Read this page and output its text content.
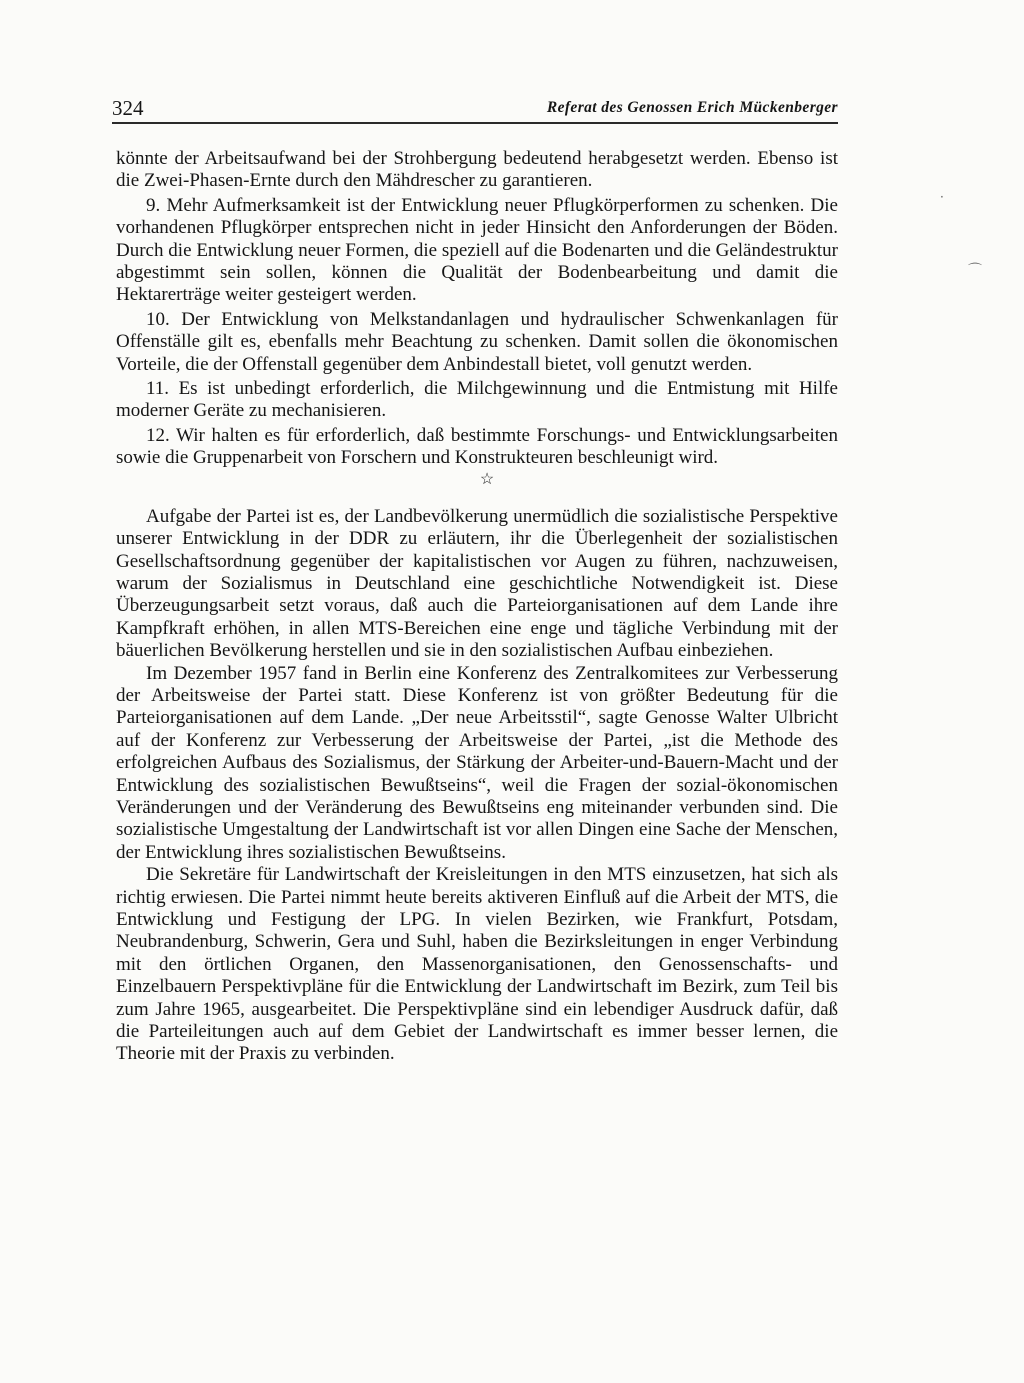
324	Referat des Genossen Erich Mückenberger

könnte der Arbeitsaufwand bei der Strohbergung bedeutend herabgesetzt werden. Ebenso ist die Zwei-Phasen-Ernte durch den Mähdrescher zu garantieren.

9. Mehr Aufmerksamkeit ist der Entwicklung neuer Pflugkörperformen zu schenken. Die vorhandenen Pflugkörper entsprechen nicht in jeder Hinsicht den Anforderungen der Böden. Durch die Entwicklung neuer Formen, die speziell auf die Bodenarten und die Geländestruktur abgestimmt sein sollen, können die Qualität der Bodenbearbeitung und damit die Hektarerträge weiter gesteigert werden.

10. Der Entwicklung von Melkstandanlagen und hydraulischer Schwenkanlagen für Offenställe gilt es, ebenfalls mehr Beachtung zu schenken. Damit sollen die ökonomischen Vorteile, die der Offenstall gegenüber dem Anbindestall bietet, voll genutzt werden.

11. Es ist unbedingt erforderlich, die Milchgewinnung und die Entmistung mit Hilfe moderner Geräte zu mechanisieren.

12. Wir halten es für erforderlich, daß bestimmte Forschungs- und Entwicklungsarbeiten sowie die Gruppenarbeit von Forschern und Konstrukteuren beschleunigt wird.

☆

Aufgabe der Partei ist es, der Landbevölkerung unermüdlich die sozialistische Perspektive unserer Entwicklung in der DDR zu erläutern, ihr die Überlegenheit der sozialistischen Gesellschaftsordnung gegenüber der kapitalistischen vor Augen zu führen, nachzuweisen, warum der Sozialismus in Deutschland eine geschichtliche Notwendigkeit ist. Diese Überzeugungsarbeit setzt voraus, daß auch die Parteiorganisationen auf dem Lande ihre Kampfkraft erhöhen, in allen MTS-Bereichen eine enge und tägliche Verbindung mit der bäuerlichen Bevölkerung herstellen und sie in den sozialistischen Aufbau einbeziehen.

Im Dezember 1957 fand in Berlin eine Konferenz des Zentralkomitees zur Verbesserung der Arbeitsweise der Partei statt. Diese Konferenz ist von größter Bedeutung für die Parteiorganisationen auf dem Lande. „Der neue Arbeitsstil“, sagte Genosse Walter Ulbricht auf der Konferenz zur Verbesserung der Arbeitsweise der Partei, „ist die Methode des erfolgreichen Aufbaus des Sozialismus, der Stärkung der Arbeiter-und-Bauern-Macht und der Entwicklung des sozialistischen Bewußtseins“, weil die Fragen der sozial-ökonomischen Veränderungen und der Veränderung des Bewußtseins eng miteinander verbunden sind. Die sozialistische Umgestaltung der Landwirtschaft ist vor allen Dingen eine Sache der Menschen, der Entwicklung ihres sozialistischen Bewußtseins.

Die Sekretäre für Landwirtschaft der Kreisleitungen in den MTS einzusetzen, hat sich als richtig erwiesen. Die Partei nimmt heute bereits aktiveren Einfluß auf die Arbeit der MTS, die Entwicklung und Festigung der LPG. In vielen Bezirken, wie Frankfurt, Potsdam, Neubrandenburg, Schwerin, Gera und Suhl, haben die Bezirksleitungen in enger Verbindung mit den örtlichen Organen, den Massenorganisationen, den Genossenschafts- und Einzelbauern Perspektivpläne für die Entwicklung der Landwirtschaft im Bezirk, zum Teil bis zum Jahre 1965, ausgearbeitet. Die Perspektivpläne sind ein lebendiger Ausdruck dafür, daß die Parteileitungen auch auf dem Gebiet der Landwirtschaft es immer besser lernen, die Theorie mit der Praxis zu verbinden.

·
⌒
